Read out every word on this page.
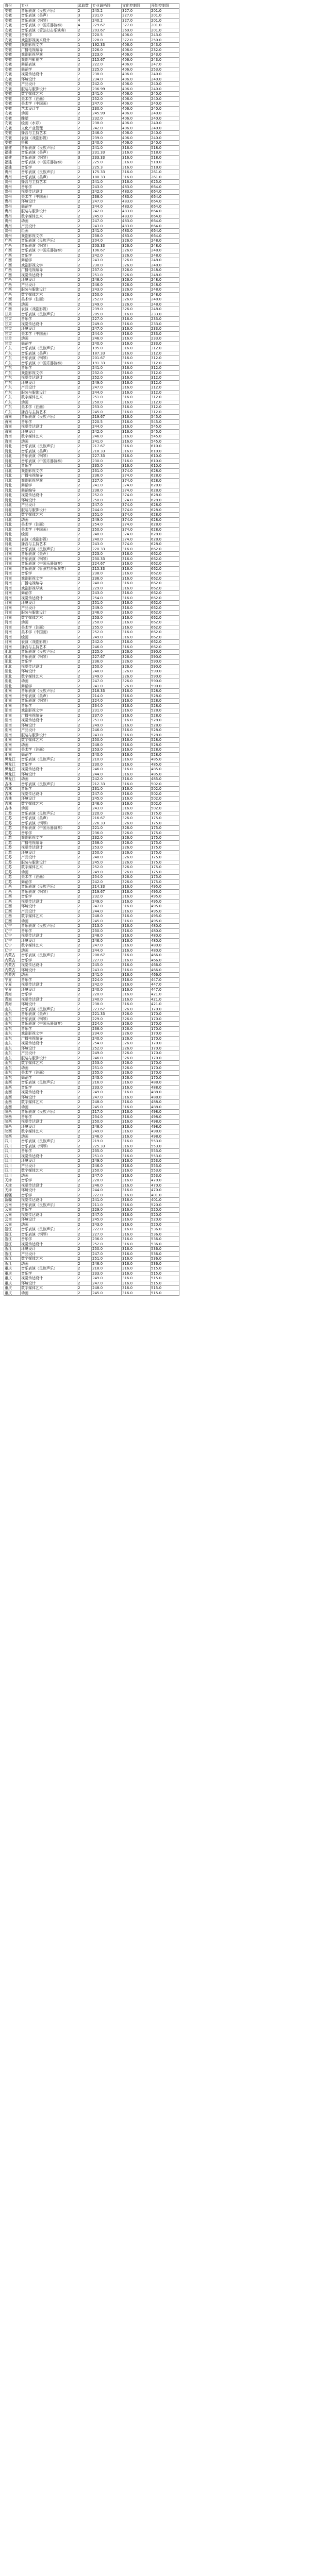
省份	专业	录取数	专业调档线	文化控制线	预划控制线
安徽	音乐表演（民族声乐）	2	245.2	327.0	201.0
安徽	音乐表演（美声）	3	231.0	327.0	201.0
安徽	音乐表演（钢琴）	4	240.2	327.0	201.0
安徽	音乐表演（中国乐器演奏）	4	229.67	327.0	201.0
安徽	音乐表演（管弦打击乐演奏）	2	203.67	369.0	201.0
安徽	音乐学	2	220.5	406.0	243.0
安徽	戏剧影视美术设计	2	228.0	372.0	250.0
安徽	戏剧影视文学	1	192.33	406.0	243.0
安徽	广播电视编导	2	226.0	406.0	232.0
安徽	戏剧影视导演	2	223.0	406.0	243.0
安徽	戏剧与影视学	1	215.67	406.0	243.0
安徽	舞蹈表演	2	222.0	406.0	247.0
安徽	舞蹈学	3	225.0	406.0	253.0
安徽	视觉传达设计	2	238.0	406.0	240.0
安徽	环境设计	2	234.0	406.0	240.0
安徽	产品设计	2	242.0	406.0	240.0
安徽	服装与服饰设计	2	236.99	406.0	240.0
安徽	数字媒体艺术	2	241.0	406.0	240.0
安徽	美术学（油画）	2	252.0	406.0	240.0
安徽	美术学（中国画）	2	247.0	406.0	240.0
安徽	艺术设计学	2	230.0	406.0	240.0
安徽	动画	2	245.99	406.0	240.0
安徽	雕塑	2	232.0	406.0	240.0
安徽	绘画（水彩）	2	238.0	406.0	240.0
安徽	文化产业管理	2	242.0	406.0	240.0
安徽	播音与主持艺术	2	246.0	406.0	240.0
安徽	表演（戏剧影视）	2	239.0	406.0	240.0
安徽	摄影	2	240.0	406.0	240.0
福建	音乐表演（民族声乐）	2	241.0	316.0	518.0
福建	音乐表演（美声）	3	231.33	316.0	518.0
福建	音乐表演（钢琴）	3	233.33	316.0	518.0
福建	音乐表演（中国乐器演奏）	2	225.0	316.0	518.0
福建	音乐学	1	225.3	316.0	518.0
贵州	音乐表演（民族声乐）	2	175.33	316.0	261.0
贵州	音乐表演（美声）	2	180.33	316.0	261.0
贵州	播音与主持艺术	2	241.0	316.0	625.0
贵州	音乐学	2	243.0	483.0	664.0
贵州	视觉传达设计	2	242.0	483.0	664.0
贵州	美术学（中国画）	2	238.0	483.0	664.0
贵州	环境设计	2	247.0	483.0	664.0
贵州	舞蹈学	2	244.0	483.0	664.0
贵州	服装与服饰设计	2	242.0	483.0	664.0
贵州	数字媒体艺术	2	245.0	483.0	664.0
贵州	动画	2	247.0	483.0	664.0
贵州	产品设计	2	243.0	483.0	664.0
贵州	绘画	2	241.0	483.0	664.0
贵州	戏剧影视文学	2	238.0	483.0	664.0
广西	音乐表演（民族声乐）	2	204.0	326.0	248.0
广西	音乐表演（钢琴）	2	203.33	326.0	248.0
广西	音乐表演（中国乐器演奏）	2	196.67	326.0	248.0
广西	音乐学	2	242.0	326.0	248.0
广西	舞蹈学	2	243.0	326.0	248.0
广西	戏剧影视文学	2	230.0	326.0	248.0
广西	广播电视编导	2	237.0	326.0	248.0
广西	视觉传达设计	2	251.0	326.0	248.0
广西	环境设计	2	248.0	326.0	248.0
广西	产品设计	2	246.0	326.0	248.0
广西	服装与服饰设计	2	243.0	326.0	248.0
广西	数字媒体艺术	2	250.0	326.0	248.0
广西	美术学（油画）	2	252.0	326.0	248.0
广西	动画	2	249.0	326.0	248.0
广西	表演（戏剧影视）	2	239.0	326.0	248.0
甘肃	音乐表演（民族声乐）	2	205.0	316.0	233.0
甘肃	音乐学	2	227.0	316.0	233.0
甘肃	视觉传达设计	2	249.0	316.0	233.0
甘肃	环境设计	2	247.0	316.0	233.0
甘肃	美术学（中国画）	2	244.0	316.0	233.0
甘肃	动画	2	246.0	316.0	233.0
甘肃	舞蹈学	2	240.0	316.0	233.0
广东	音乐表演（民族声乐）	2	195.0	316.0	312.0
广东	音乐表演（美声）	2	187.33	316.0	312.0
广东	音乐表演（钢琴）	2	201.67	316.0	312.0
广东	音乐表演（中国乐器演奏）	2	191.33	316.0	312.0
广东	音乐学	2	241.0	316.0	312.0
广东	戏剧影视文学	2	232.0	316.0	312.0
广东	视觉传达设计	2	252.0	316.0	312.0
广东	环境设计	2	249.0	316.0	312.0
广东	产品设计	2	247.0	316.0	312.0
广东	服装与服饰设计	2	244.0	316.0	312.0
广东	数字媒体艺术	2	251.0	316.0	312.0
广东	动画	2	250.0	316.0	312.0
广东	美术学（油画）	2	253.0	316.0	312.0
广东	播音与主持艺术	2	245.0	316.0	312.0
海南	音乐表演（民族声乐）	2	219.67	316.0	545.0
海南	音乐学	2	220.5	316.0	545.0
海南	视觉传达设计	2	244.0	316.0	545.0
海南	环境设计	2	242.0	316.0	545.0
海南	数字媒体艺术	2	246.0	316.0	545.0
海南	动画	2	241.0	316.0	545.0
河北	音乐表演（民族声乐）	2	217.67	316.0	610.0
河北	音乐表演（美声）	2	218.33	316.0	610.0
河北	音乐表演（钢琴）	2	227.33	316.0	610.0
河北	音乐表演（中国乐器演奏）	2	230.0	316.0	610.0
河北	音乐学	2	235.0	316.0	610.0
河北	戏剧影视文学	2	231.0	374.0	628.0
河北	广播电视编导	2	236.0	374.0	628.0
河北	戏剧影视导演	2	227.0	374.0	628.0
河北	舞蹈学	2	241.0	374.0	628.0
河北	舞蹈编导	2	238.0	374.0	628.0
河北	视觉传达设计	2	252.0	374.0	628.0
河北	环境设计	2	250.0	374.0	628.0
河北	产品设计	2	247.0	374.0	628.0
河北	服装与服饰设计	2	244.0	374.0	628.0
河北	数字媒体艺术	2	251.0	374.0	628.0
河北	动画	2	249.0	374.0	628.0
河北	美术学（油画）	2	254.0	374.0	628.0
河北	美术学（中国画）	2	250.0	374.0	628.0
河北	绘画	2	248.0	374.0	628.0
河北	表演（戏剧影视）	2	240.0	374.0	628.0
河北	播音与主持艺术	2	243.0	374.0	628.0
河南	音乐表演（民族声乐）	2	220.33	316.0	662.0
河南	音乐表演（美声）	2	223.0	316.0	662.0
河南	音乐表演（钢琴）	2	230.33	316.0	662.0
河南	音乐表演（中国乐器演奏）	2	224.67	316.0	662.0
河南	音乐表演（管弦打击乐演奏）	2	215.33	316.0	662.0
河南	音乐学	2	238.0	316.0	662.0
河南	戏剧影视文学	2	236.0	316.0	662.0
河南	广播电视编导	2	240.0	316.0	662.0
河南	戏剧影视导演	2	229.0	316.0	662.0
河南	舞蹈学	2	243.0	316.0	662.0
河南	视觉传达设计	2	254.0	316.0	662.0
河南	环境设计	2	251.0	316.0	662.0
河南	产品设计	2	249.0	316.0	662.0
河南	服装与服饰设计	2	246.0	316.0	662.0
河南	数字媒体艺术	2	253.0	316.0	662.0
河南	动画	2	250.0	316.0	662.0
河南	美术学（油画）	2	255.0	316.0	662.0
河南	美术学（中国画）	2	252.0	316.0	662.0
河南	绘画	2	249.0	316.0	662.0
河南	表演（戏剧影视）	2	242.0	316.0	662.0
河南	播音与主持艺术	2	246.0	316.0	662.0
湖北	音乐表演（民族声乐）	2	225.0	326.0	590.0
湖北	音乐表演（钢琴）	2	227.67	326.0	590.0
湖北	音乐学	2	236.0	326.0	590.0
湖北	视觉传达设计	2	250.0	326.0	590.0
湖北	环境设计	2	248.0	326.0	590.0
湖北	数字媒体艺术	2	249.0	326.0	590.0
湖北	动画	2	247.0	326.0	590.0
湖北	舞蹈学	2	241.0	326.0	590.0
湖南	音乐表演（民族声乐）	2	218.33	316.0	528.0
湖南	音乐表演（美声）	2	214.0	316.0	528.0
湖南	音乐表演（钢琴）	2	224.0	316.0	528.0
湖南	音乐学	2	234.0	316.0	528.0
湖南	戏剧影视文学	2	231.0	316.0	528.0
湖南	广播电视编导	2	237.0	316.0	528.0
湖南	视觉传达设计	2	251.0	316.0	528.0
湖南	环境设计	2	249.0	316.0	528.0
湖南	产品设计	2	246.0	316.0	528.0
湖南	服装与服饰设计	2	243.0	316.0	528.0
湖南	数字媒体艺术	2	250.0	316.0	528.0
湖南	动画	2	248.0	316.0	528.0
湖南	美术学（油画）	2	253.0	316.0	528.0
湖南	舞蹈学	2	240.0	316.0	528.0
黑龙江	音乐表演（民族声乐）	2	210.0	316.0	485.0
黑龙江	音乐学	2	230.0	316.0	485.0
黑龙江	视觉传达设计	2	246.0	316.0	485.0
黑龙江	环境设计	2	244.0	316.0	485.0
黑龙江	动画	2	242.0	316.0	485.0
吉林	音乐表演（民族声乐）	2	212.33	316.0	502.0
吉林	音乐学	2	231.0	316.0	502.0
吉林	视觉传达设计	2	247.0	316.0	502.0
吉林	环境设计	2	245.0	316.0	502.0
吉林	数字媒体艺术	2	246.0	316.0	502.0
吉林	动画	2	243.0	316.0	502.0
江苏	音乐表演（民族声乐）	2	220.0	326.0	175.0
江苏	音乐表演（美声）	2	216.67	326.0	175.0
江苏	音乐表演（钢琴）	2	226.33	326.0	175.0
江苏	音乐表演（中国乐器演奏）	2	221.0	326.0	175.0
江苏	音乐学	2	236.0	326.0	175.0
江苏	戏剧影视文学	2	232.0	326.0	175.0
江苏	广播电视编导	2	238.0	326.0	175.0
江苏	视觉传达设计	2	253.0	326.0	175.0
江苏	环境设计	2	250.0	326.0	175.0
江苏	产品设计	2	248.0	326.0	175.0
江苏	服装与服饰设计	2	245.0	326.0	175.0
江苏	数字媒体艺术	2	252.0	326.0	175.0
江苏	动画	2	249.0	326.0	175.0
江苏	美术学（油画）	2	254.0	326.0	175.0
江苏	舞蹈学	2	242.0	326.0	175.0
江西	音乐表演（民族声乐）	2	214.33	316.0	495.0
江西	音乐表演（钢琴）	2	219.67	316.0	495.0
江西	音乐学	2	232.0	316.0	495.0
江西	视觉传达设计	2	249.0	316.0	495.0
江西	环境设计	2	247.0	316.0	495.0
江西	产品设计	2	244.0	316.0	495.0
江西	数字媒体艺术	2	248.0	316.0	495.0
江西	动画	2	245.0	316.0	495.0
辽宁	音乐表演（民族声乐）	2	213.0	316.0	480.0
辽宁	音乐学	2	230.0	316.0	480.0
辽宁	视觉传达设计	2	248.0	316.0	480.0
辽宁	环境设计	2	246.0	316.0	480.0
辽宁	数字媒体艺术	2	247.0	316.0	480.0
辽宁	动画	2	244.0	316.0	480.0
内蒙古	音乐表演（民族声乐）	2	208.67	316.0	466.0
内蒙古	音乐学	2	227.0	316.0	466.0
内蒙古	视觉传达设计	2	245.0	316.0	466.0
内蒙古	环境设计	2	243.0	316.0	466.0
内蒙古	动画	2	241.0	316.0	466.0
宁夏	音乐学	2	224.0	316.0	447.0
宁夏	视觉传达设计	2	242.0	316.0	447.0
宁夏	环境设计	2	240.0	316.0	447.0
青海	音乐学	2	220.0	316.0	421.0
青海	视觉传达设计	2	240.0	316.0	421.0
青海	环境设计	2	238.0	316.0	421.0
山东	音乐表演（民族声乐）	2	223.67	326.0	170.0
山东	音乐表演（美声）	2	221.33	326.0	170.0
山东	音乐表演（钢琴）	2	229.0	326.0	170.0
山东	音乐表演（中国乐器演奏）	2	224.0	326.0	170.0
山东	音乐学	2	238.0	326.0	170.0
山东	戏剧影视文学	2	234.0	326.0	170.0
山东	广播电视编导	2	240.0	326.0	170.0
山东	视觉传达设计	2	254.0	326.0	170.0
山东	环境设计	2	252.0	326.0	170.0
山东	产品设计	2	249.0	326.0	170.0
山东	服装与服饰设计	2	246.0	326.0	170.0
山东	数字媒体艺术	2	253.0	326.0	170.0
山东	动画	2	251.0	326.0	170.0
山东	美术学（油画）	2	255.0	326.0	170.0
山东	舞蹈学	2	243.0	326.0	170.0
山西	音乐表演（民族声乐）	2	216.0	316.0	488.0
山西	音乐学	2	233.0	316.0	488.0
山西	视觉传达设计	2	249.0	316.0	488.0
山西	环境设计	2	247.0	316.0	488.0
山西	数字媒体艺术	2	248.0	316.0	488.0
山西	动画	2	245.0	316.0	488.0
陕西	音乐表演（民族声乐）	2	217.0	316.0	498.0
陕西	音乐学	2	234.0	316.0	498.0
陕西	视觉传达设计	2	250.0	316.0	498.0
陕西	环境设计	2	248.0	316.0	498.0
陕西	数字媒体艺术	2	249.0	316.0	498.0
陕西	动画	2	246.0	316.0	498.0
四川	音乐表演（民族声乐）	2	219.0	316.0	553.0
四川	音乐表演（钢琴）	2	225.33	316.0	553.0
四川	音乐学	2	235.0	316.0	553.0
四川	视觉传达设计	2	251.0	316.0	553.0
四川	环境设计	2	249.0	316.0	553.0
四川	产品设计	2	246.0	316.0	553.0
四川	数字媒体艺术	2	250.0	316.0	553.0
四川	动画	2	247.0	316.0	553.0
天津	音乐学	2	228.0	316.0	470.0
天津	视觉传达设计	2	246.0	316.0	470.0
天津	环境设计	2	244.0	316.0	470.0
新疆	音乐学	2	222.0	316.0	401.0
新疆	视觉传达设计	2	241.0	316.0	401.0
云南	音乐表演（民族声乐）	2	211.0	316.0	520.0
云南	音乐学	2	229.0	316.0	520.0
云南	视觉传达设计	2	247.0	316.0	520.0
云南	环境设计	2	245.0	316.0	520.0
云南	动画	2	243.0	316.0	520.0
浙江	音乐表演（民族声乐）	2	222.0	316.0	536.0
浙江	音乐表演（钢琴）	2	227.0	316.0	536.0
浙江	音乐学	2	236.0	316.0	536.0
浙江	视觉传达设计	2	252.0	316.0	536.0
浙江	环境设计	2	250.0	316.0	536.0
浙江	产品设计	2	247.0	316.0	536.0
浙江	数字媒体艺术	2	251.0	316.0	536.0
浙江	动画	2	248.0	316.0	536.0
重庆	音乐表演（民族声乐）	2	218.0	316.0	515.0
重庆	音乐学	2	233.0	316.0	515.0
重庆	视觉传达设计	2	249.0	316.0	515.0
重庆	环境设计	2	247.0	316.0	515.0
重庆	数字媒体艺术	2	248.0	316.0	515.0
重庆	动画	2	245.0	316.0	515.0
